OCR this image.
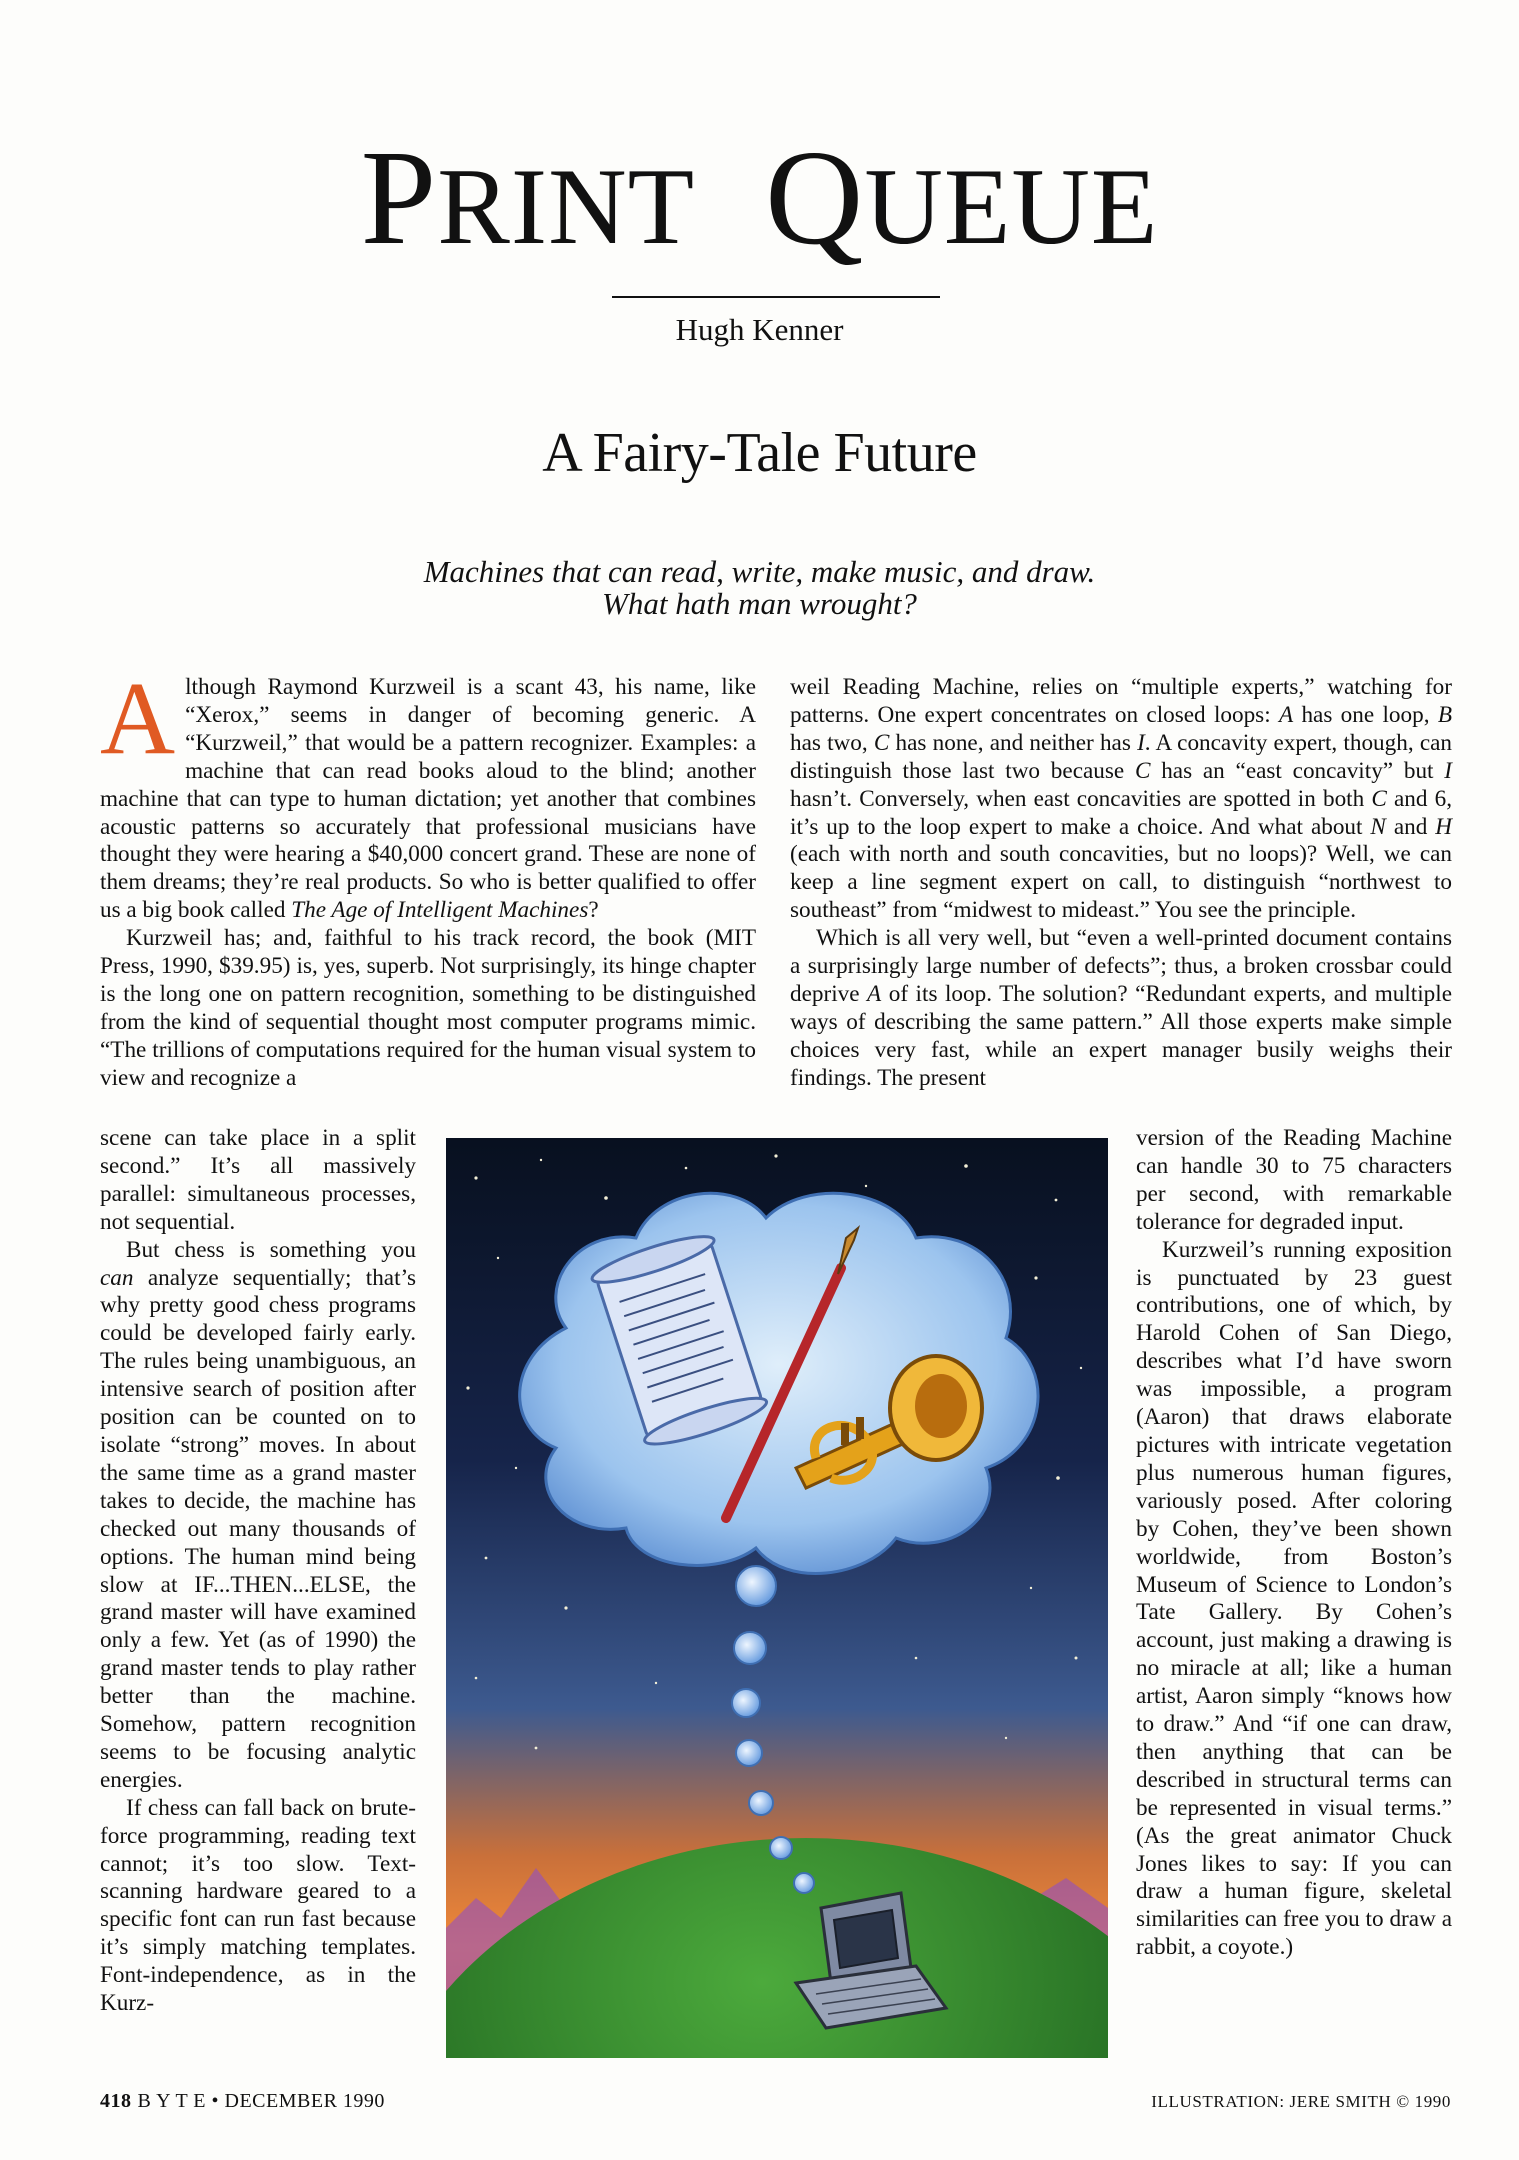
PRINT QUEUE
Hugh Kenner
A Fairy-Tale Future
Machines that can read, write, make music, and draw.
What hath man wrought?

Although Raymond Kurzweil is a scant 43, his name, like “Xerox,” seems in danger of becoming generic. A “Kurzweil,” that would be a pattern recognizer. Examples: a machine that can read books aloud to the blind; another machine that can type to human dictation; yet another that combines acoustic patterns so accurately that professional musicians have thought they were hearing a $40,000 concert grand. These are none of them dreams; they’re real products. So who is better qualified to offer us a big book called The Age of Intelligent Machines?

Kurzweil has; and, faithful to his track record, the book (MIT Press, 1990, $39.95) is, yes, superb. Not surprisingly, its hinge chapter is the long one on pattern recognition, something to be distinguished from the kind of sequential thought most computer programs mimic. “The trillions of computations required for the human visual system to view and recognize a

weil Reading Machine, relies on “multiple experts,” watching for patterns. One expert concentrates on closed loops: A has one loop, B has two, C has none, and neither has I. A concavity expert, though, can distinguish those last two because C has an “east concavity” but I hasn’t. Conversely, when east concavities are spotted in both C and 6, it’s up to the loop expert to make a choice. And what about N and H (each with north and south concavities, but no loops)? Well, we can keep a line segment expert on call, to distinguish “northwest to southeast” from “midwest to mideast.” You see the principle.

Which is all very well, but “even a well-printed document contains a surprisingly large number of defects”; thus, a broken crossbar could deprive A of its loop. The solution? “Redundant experts, and multiple ways of describing the same pattern.” All those experts make simple choices very fast, while an expert manager busily weighs their findings. The present

scene can take place in a split second.” It’s all massively parallel: simultaneous processes, not sequential.

But chess is something you can analyze sequentially; that’s why pretty good chess programs could be developed fairly early. The rules being unambiguous, an intensive search of position after position can be counted on to isolate “strong” moves. In about the same time as a grand master takes to decide, the machine has checked out many thousands of options. The human mind being slow at IF...THEN...ELSE, the grand master will have examined only a few. Yet (as of 1990) the grand master tends to play rather better than the machine. Somehow, pattern recognition seems to be focusing analytic energies.

If chess can fall back on brute-force programming, reading text cannot; it’s too slow. Text-scanning hardware geared to a specific font can run fast because it’s simply matching templates. Font-independence, as in the Kurz-

version of the Reading Machine can handle 30 to 75 characters per second, with remarkable tolerance for degraded input.

Kurzweil’s running exposition is punctuated by 23 guest contributions, one of which, by Harold Cohen of San Diego, describes what I’d have sworn was impossible, a program (Aaron) that draws elaborate pictures with intricate vegetation plus numerous human figures, variously posed. After coloring by Cohen, they’ve been shown worldwide, from Boston’s Museum of Science to London’s Tate Gallery. By Cohen’s account, just making a drawing is no miracle at all; like a human artist, Aaron simply “knows how to draw.” And “if one can draw, then anything that can be described in structural terms can be represented in visual terms.” (As the great animator Chuck Jones likes to say: If you can draw a human figure, skeletal similarities can free you to draw a rabbit, a coyote.)

418 B Y T E • DECEMBER 1990	ILLUSTRATION: JERE SMITH © 1990
